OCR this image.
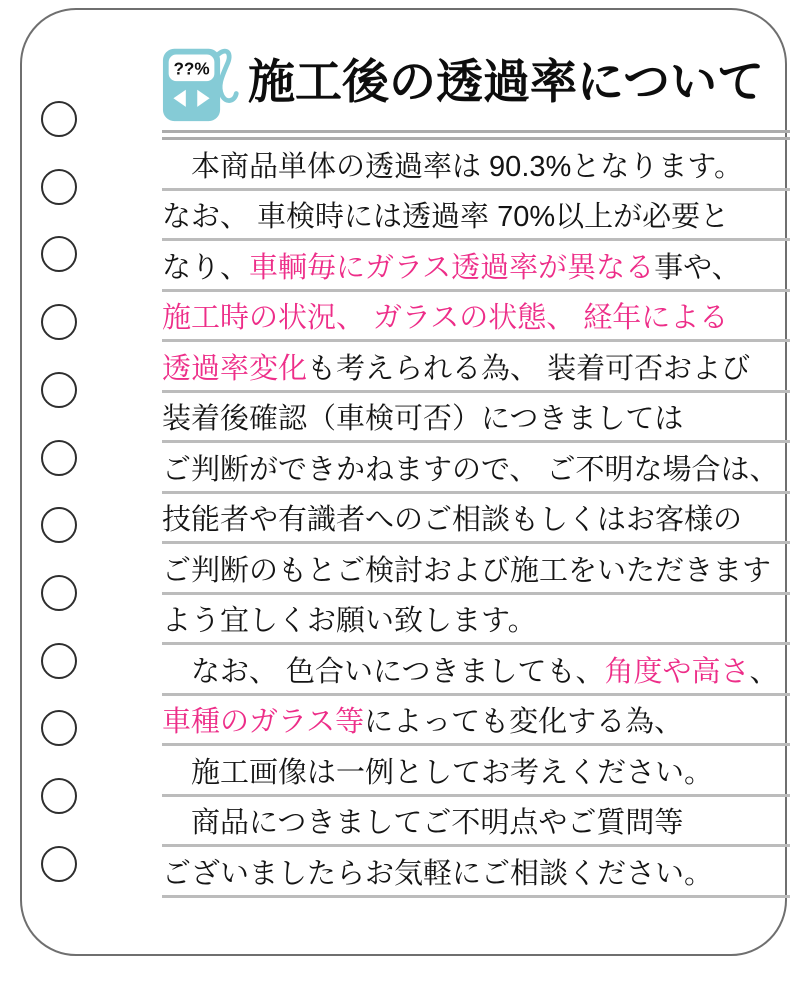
??% 施工後の透過率について
　本商品単体の透過率は 90.3%となります。
なお、 車検時には透過率 70%以上が必要と
なり、 車輌毎にガラス透過率が異なる 事や、
施工時の状況、 ガラスの状態、 経年による
透過率変化 も考えられる為、 装着可否および
装着後確認（車検可否）につきましては
ご判断ができかねますので、 ご不明な場合は、
技能者や有識者へのご相談もしくはお客様の
ご判断のもとご検討および施工をいただきます
よう宜しくお願い致します。
　なお、 色合いにつきましても、 角度や高さ 、
車種のガラス等 によっても変化する為、
　施工画像は一例としてお考えください。
　商品につきましてご不明点やご質問等
ございましたらお気軽にご相談ください。
